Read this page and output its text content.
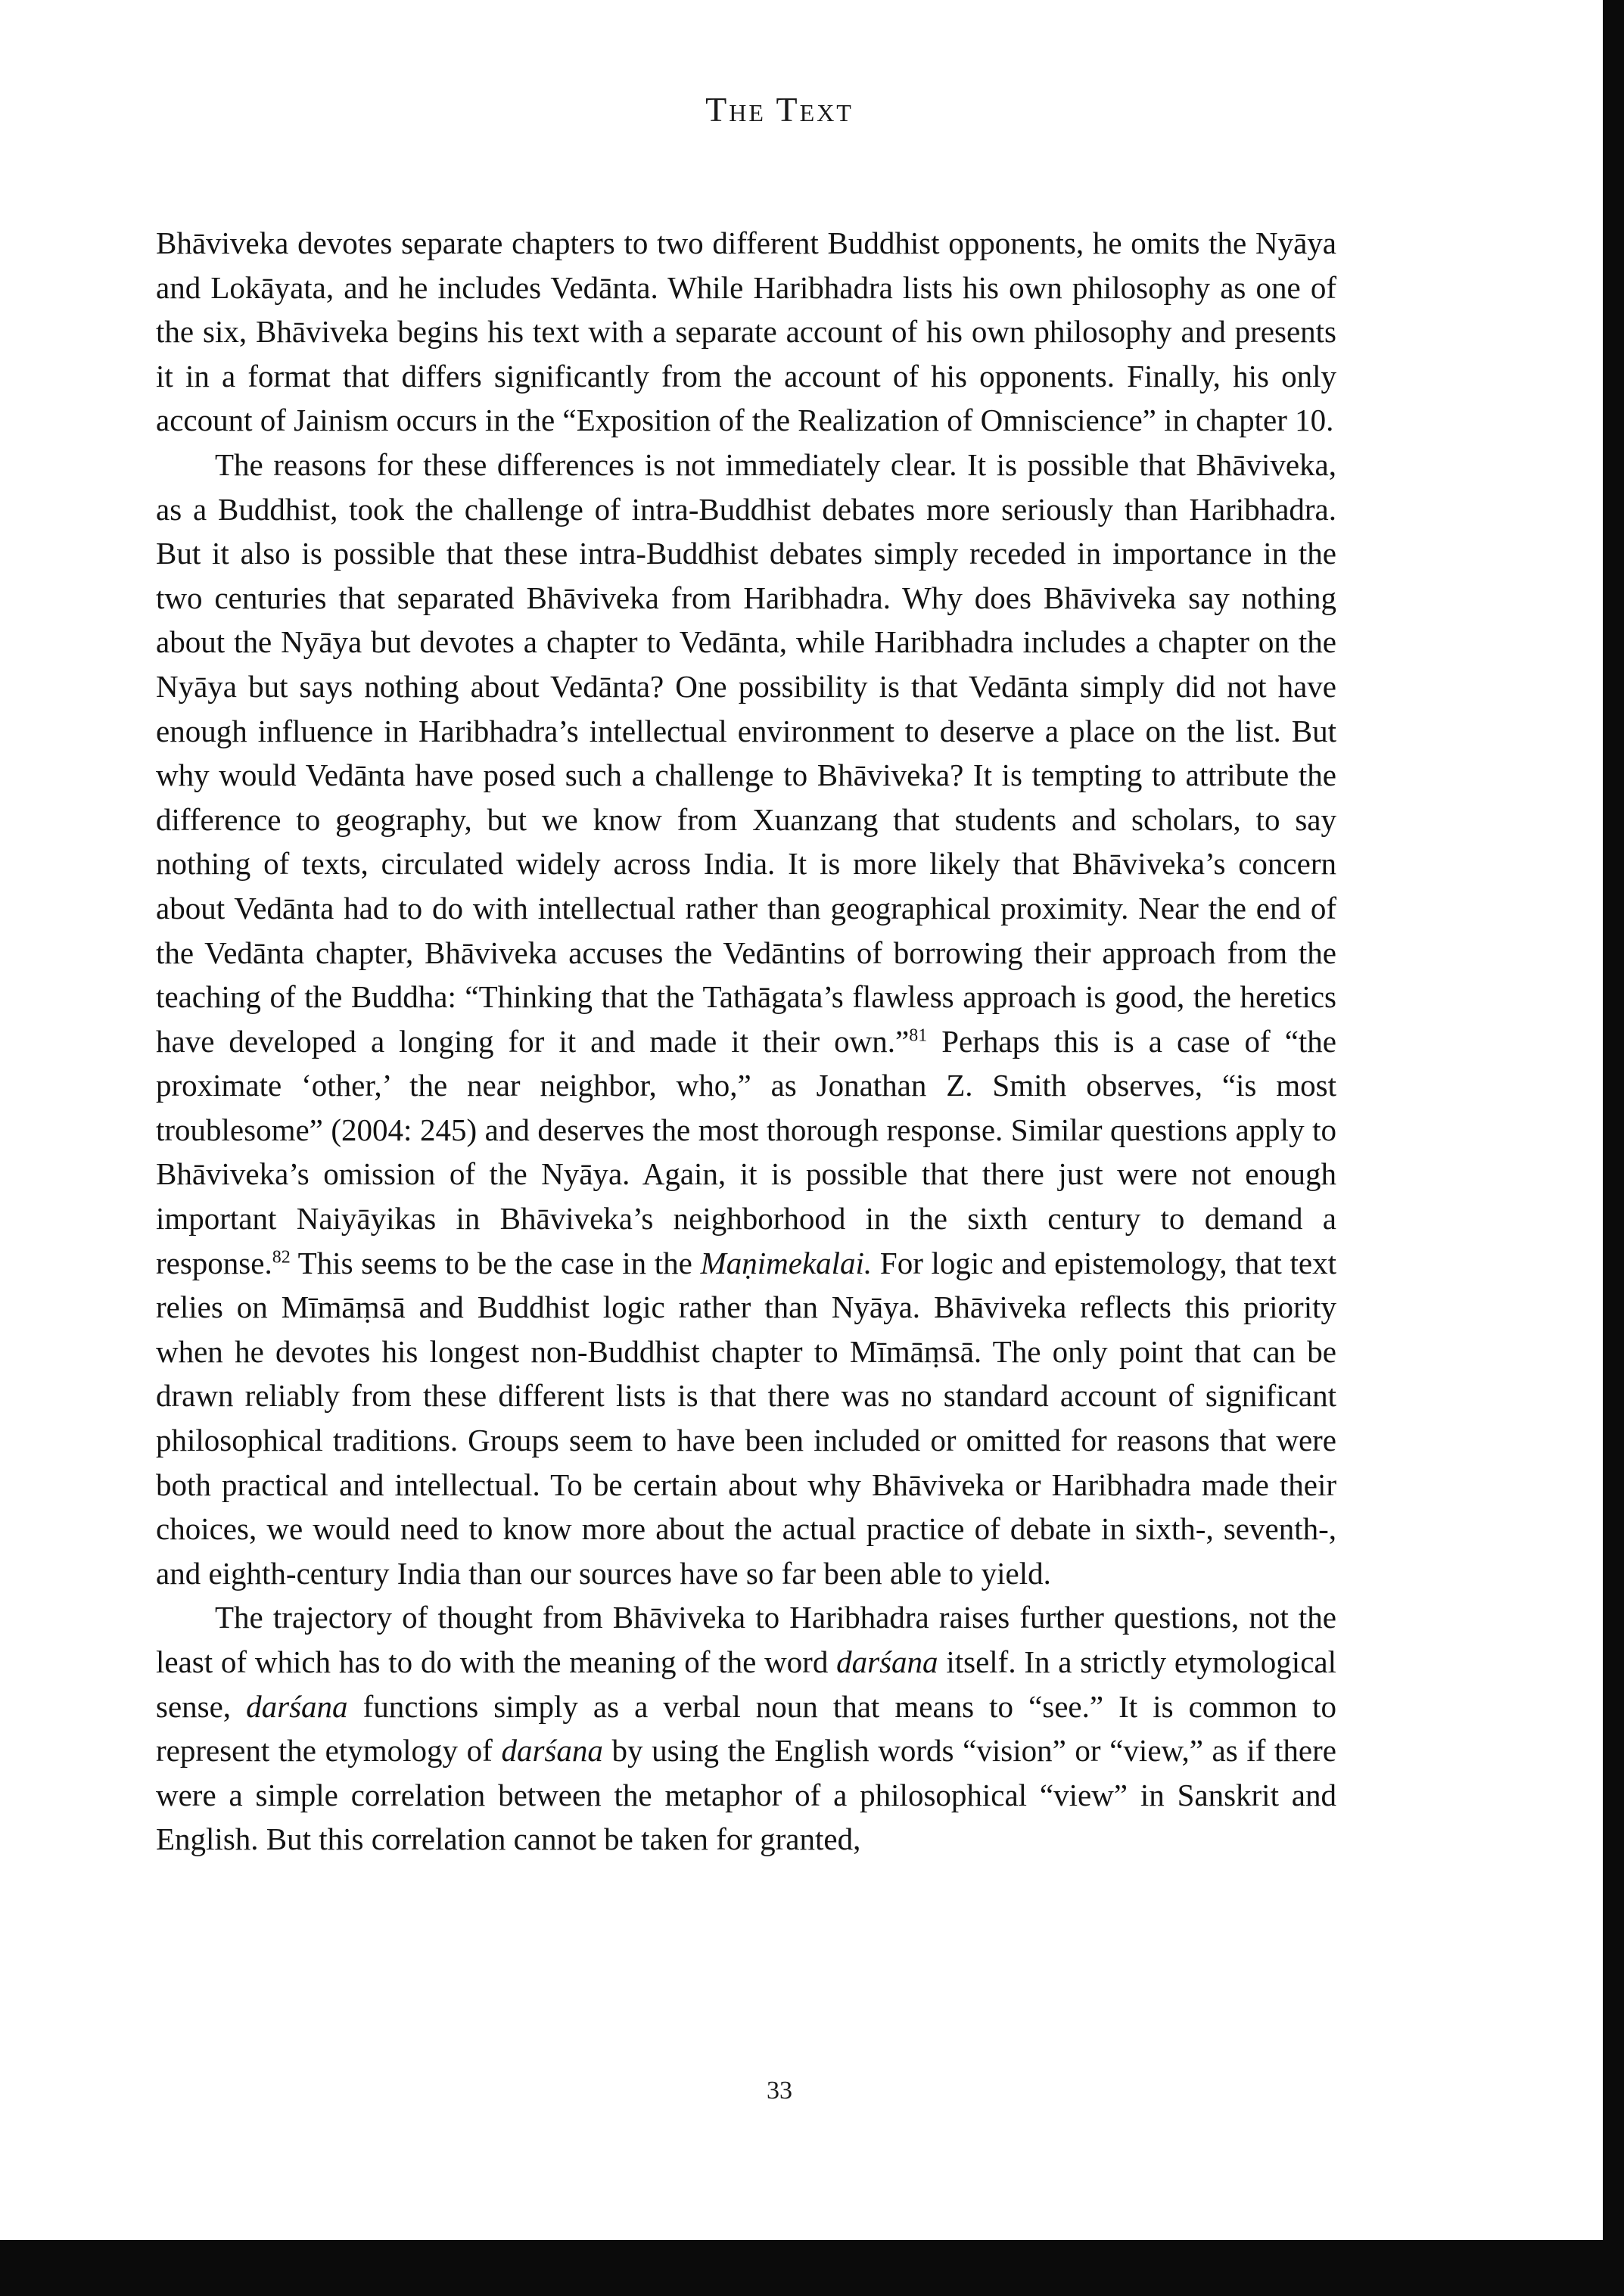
The Text

Bhāviveka devotes separate chapters to two different Buddhist opponents, he omits the Nyāya and Lokāyata, and he includes Vedānta. While Haribhadra lists his own philosophy as one of the six, Bhāviveka begins his text with a separate account of his own philosophy and presents it in a format that differs significantly from the account of his opponents. Finally, his only account of Jainism occurs in the “Exposition of the Realization of Omniscience” in chapter 10.

The reasons for these differences is not immediately clear. It is possible that Bhāviveka, as a Buddhist, took the challenge of intra-Buddhist debates more seriously than Haribhadra. But it also is possible that these intra-Buddhist debates simply receded in importance in the two centuries that separated Bhāviveka from Haribhadra. Why does Bhāviveka say nothing about the Nyāya but devotes a chapter to Vedānta, while Haribhadra includes a chapter on the Nyāya but says nothing about Vedānta? One possibility is that Vedānta simply did not have enough influence in Haribhadra’s intellectual environment to deserve a place on the list. But why would Vedānta have posed such a challenge to Bhāviveka? It is tempting to attribute the difference to geography, but we know from Xuanzang that students and scholars, to say nothing of texts, circulated widely across India. It is more likely that Bhāviveka’s concern about Vedānta had to do with intellectual rather than geographical proximity. Near the end of the Vedānta chapter, Bhāviveka accuses the Vedāntins of borrowing their approach from the teaching of the Buddha: “Thinking that the Tathāgata’s flawless approach is good, the heretics have developed a longing for it and made it their own.”$^{81}$ Perhaps this is a case of “the proximate ‘other,’ the near neighbor, who,” as Jonathan Z. Smith observes, “is most troublesome” (2004: 245) and deserves the most thorough response. Similar questions apply to Bhāviveka’s omission of the Nyāya. Again, it is possible that there just were not enough important Naiyāyikas in Bhāviveka’s neighborhood in the sixth century to demand a response.$^{82}$ This seems to be the case in the Maṇimekalai. For logic and epistemology, that text relies on Mīmāṃsā and Buddhist logic rather than Nyāya. Bhāviveka reflects this priority when he devotes his longest non-Buddhist chapter to Mīmāṃsā. The only point that can be drawn reliably from these different lists is that there was no standard account of significant philosophical traditions. Groups seem to have been included or omitted for reasons that were both practical and intellectual. To be certain about why Bhāviveka or Haribhadra made their choices, we would need to know more about the actual practice of debate in sixth-, seventh-, and eighth-century India than our sources have so far been able to yield.

The trajectory of thought from Bhāviveka to Haribhadra raises further questions, not the least of which has to do with the meaning of the word darśana itself. In a strictly etymological sense, darśana functions simply as a verbal noun that means to “see.” It is common to represent the etymology of darśana by using the English words “vision” or “view,” as if there were a simple correlation between the metaphor of a philosophical “view” in Sanskrit and English. But this correlation cannot be taken for granted,

33
